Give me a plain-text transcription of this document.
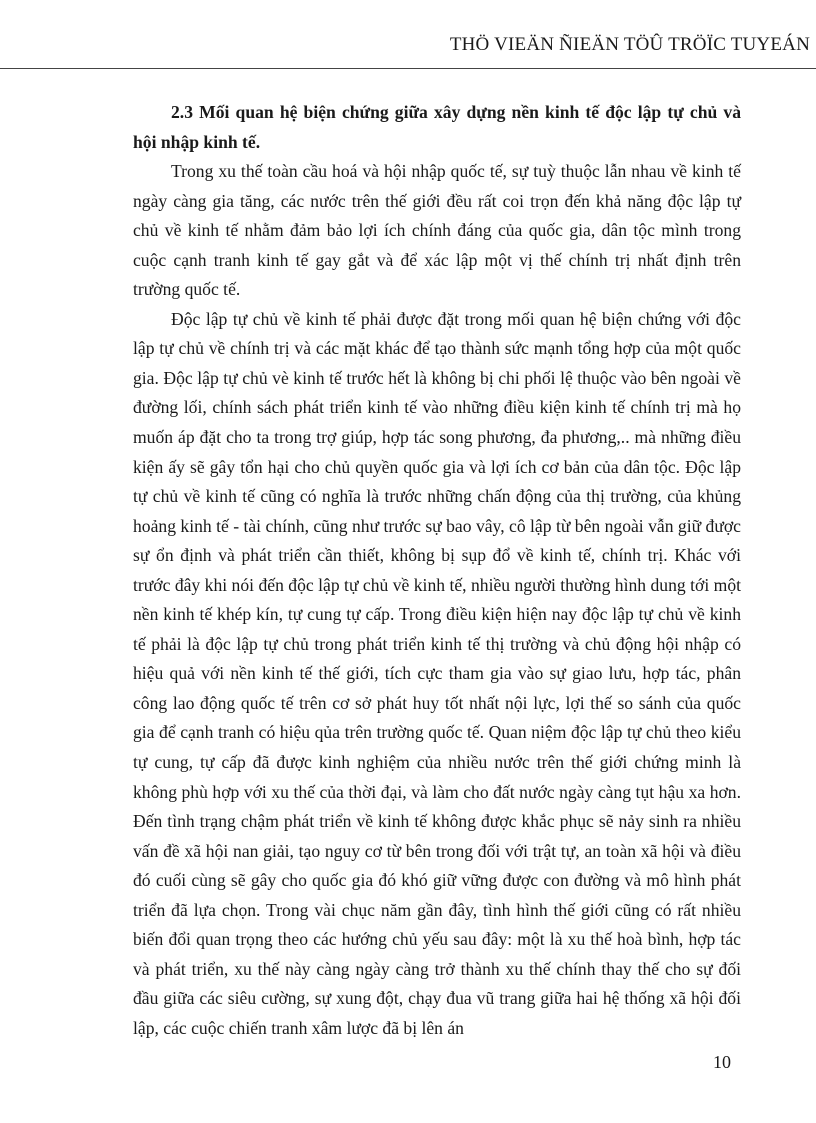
THÖ VIEÄN ÑIEÄN TÖÛ TRÖÏC TUYEÁN

2.3 Mối quan hệ biện chứng giữa xây dựng nền kinh tế độc lập tự chủ và hội nhập kinh tế.

Trong xu thế toàn cầu hoá và hội nhập quốc tế, sự tuỳ thuộc lẫn nhau về kinh tế ngày càng gia tăng, các nước trên thế giới đều rất coi trọn đến khả năng độc lập tự chủ về kinh tế nhằm đảm bảo lợi ích chính đáng của quốc gia, dân tộc mình trong cuộc cạnh tranh kinh tế gay gắt và để xác lập một vị thế chính trị nhất định trên trường quốc tế.

Độc lập tự chủ về kinh tế phải được đặt trong mối quan hệ biện chứng với độc lập tự chủ về chính trị và các mặt khác để tạo thành sức mạnh tổng hợp của một quốc gia. Độc lập tự chủ vè kinh tế trước hết là không bị chi phối lệ thuộc vào bên ngoài về đường lối, chính sách phát triển kinh tế vào những điều kiện kinh tế chính trị mà họ muốn áp đặt cho ta trong trợ giúp, hợp tác song phương, đa phương,.. mà những điều kiện ấy sẽ gây tổn hại cho chủ quyền quốc gia và lợi ích cơ bản của dân tộc. Độc lập tự chủ về kinh tế cũng có nghĩa là trước những chấn động của thị trường, của khủng hoảng kinh tế - tài chính, cũng như trước sự bao vây, cô lập từ bên ngoài vẫn giữ được sự ổn định và phát triển cần thiết, không bị sụp đổ về kinh tế, chính trị. Khác với trước đây khi nói đến độc lập tự chủ về kinh tế, nhiều người thường hình dung tới một nền kinh tế khép kín, tự cung tự cấp. Trong điều kiện hiện nay độc lập tự chủ về kinh tế phải là độc lập tự chủ trong phát triển kinh tế thị trường và chủ động hội nhập có hiệu quả với nền kinh tế thế giới, tích cực tham gia vào sự giao lưu, hợp tác, phân công lao động quốc tế trên cơ sở phát huy tốt nhất nội lực, lợi thế so sánh của quốc gia để cạnh tranh có hiệu qủa trên trường quốc tế. Quan niệm độc lập tự chủ theo kiểu tự cung, tự cấp đã được kinh nghiệm của nhiều nước trên thế giới chứng minh là không phù hợp với xu thế của thời đại, và làm cho đất nước ngày càng tụt hậu xa hơn. Đến tình trạng chậm phát triển về kinh tế không được khắc phục sẽ nảy sinh ra nhiều vấn đề xã hội nan giải, tạo nguy cơ từ bên trong đối với trật tự, an toàn xã hội và điều đó cuối cùng sẽ gây cho quốc gia đó khó giữ vững được con đường và mô hình phát triển đã lựa chọn. Trong vài chục năm gần đây, tình hình thế giới cũng có rất nhiều biến đổi quan trọng theo các hướng chủ yếu sau đây: một là xu thế hoà bình, hợp tác và phát triển, xu thế này càng ngày càng trở thành xu thế chính thay thế cho sự đối đầu giữa các siêu cường, sự xung đột, chạy đua vũ trang giữa hai hệ thống xã hội đối lập, các cuộc chiến tranh xâm lược đã bị lên án

10
